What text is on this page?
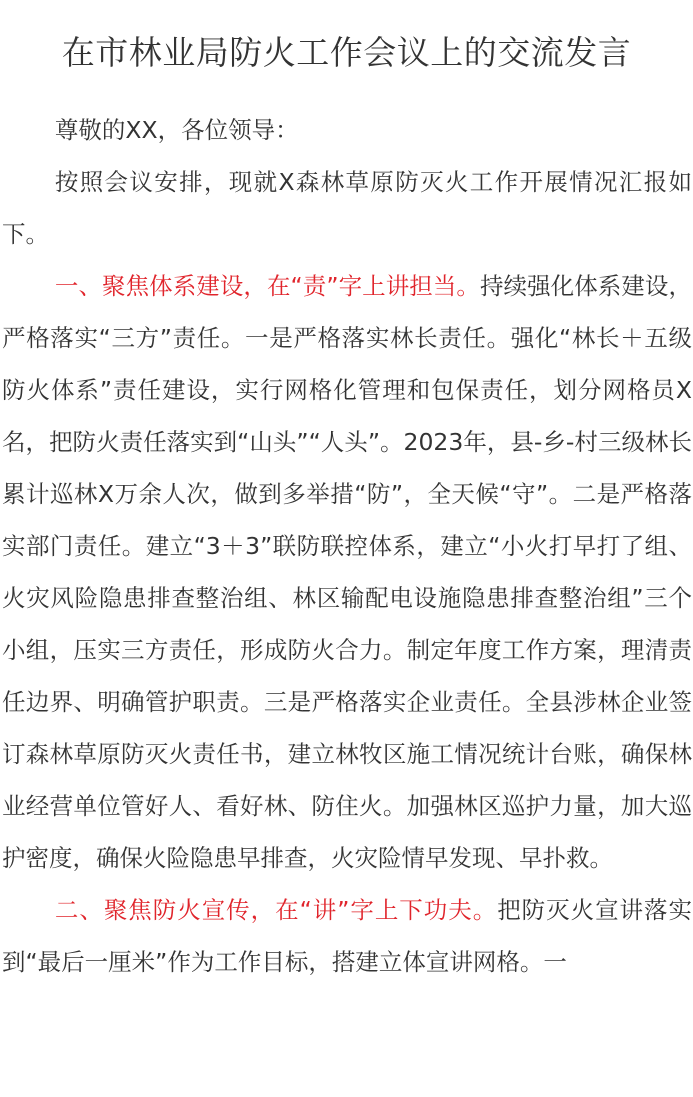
在市林业局防火工作会议上的交流发言

尊敬的XX，各位领导：

按照会议安排，现就X森林草原防灭火工作开展情况汇报如下。

一、聚焦体系建设，在“责”字上讲担当。持续强化体系建设，严格落实“三方”责任。一是严格落实林长责任。强化“林长＋五级防火体系”责任建设，实行网格化管理和包保责任，划分网格员X名，把防火责任落实到“山头”“人头”。2023年，县-乡-村三级林长累计巡林X万余人次，做到多举措“防”，全天候“守”。二是严格落实部门责任。建立“3＋3”联防联控体系，建立“小火打早打了组、火灾风险隐患排查整治组、林区输配电设施隐患排查整治组”三个小组，压实三方责任，形成防火合力。制定年度工作方案，理清责任边界、明确管护职责。三是严格落实企业责任。全县涉林企业签订森林草原防灭火责任书，建立林牧区施工情况统计台账，确保林业经营单位管好人、看好林、防住火。加强林区巡护力量，加大巡护密度，确保火险隐患早排查，火灾险情早发现、早扑救。

二、聚焦防火宣传，在“讲”字上下功夫。把防灭火宣讲落实到“最后一厘米”作为工作目标，搭建立体宣讲网格。一
